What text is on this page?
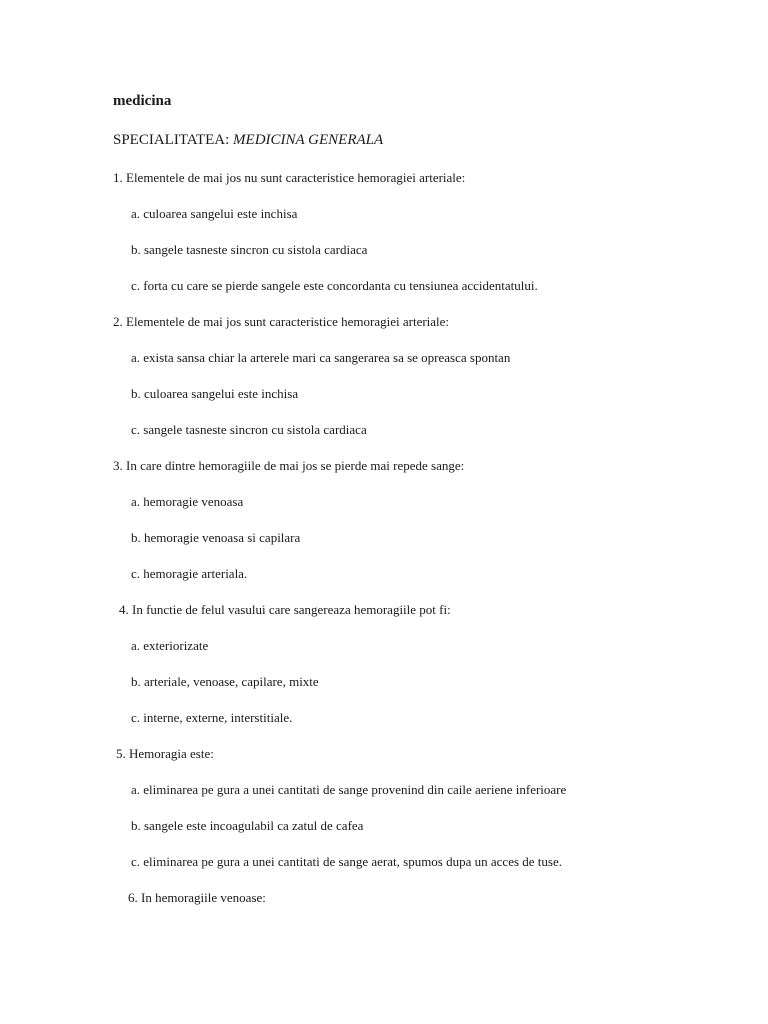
medicina
SPECIALITATEA: MEDICINA GENERALA
1. Elementele de mai jos nu sunt caracteristice hemoragiei arteriale:
a. culoarea sangelui este inchisa
b. sangele tasneste sincron cu sistola cardiaca
c. forta cu care se pierde sangele este concordanta cu tensiunea accidentatului.
2. Elementele de mai jos sunt caracteristice hemoragiei arteriale:
a. exista sansa chiar la arterele mari ca sangerarea sa se opreasca spontan
b. culoarea sangelui este inchisa
c. sangele tasneste sincron cu sistola cardiaca
3. In care dintre hemoragiile de mai jos se pierde mai repede sange:
a. hemoragie venoasa
b. hemoragie venoasa si capilara
c. hemoragie arteriala.
4. In functie de felul vasului care sangereaza hemoragiile pot fi:
a. exteriorizate
b. arteriale, venoase, capilare, mixte
c. interne, externe, interstitiale.
5. Hemoragia este:
a. eliminarea pe gura a unei cantitati de sange provenind din caile aeriene inferioare
b. sangele este incoagulabil ca zatul de cafea
c. eliminarea pe gura a unei cantitati de sange aerat, spumos dupa un acces de tuse.
6. In hemoragiile venoase:
